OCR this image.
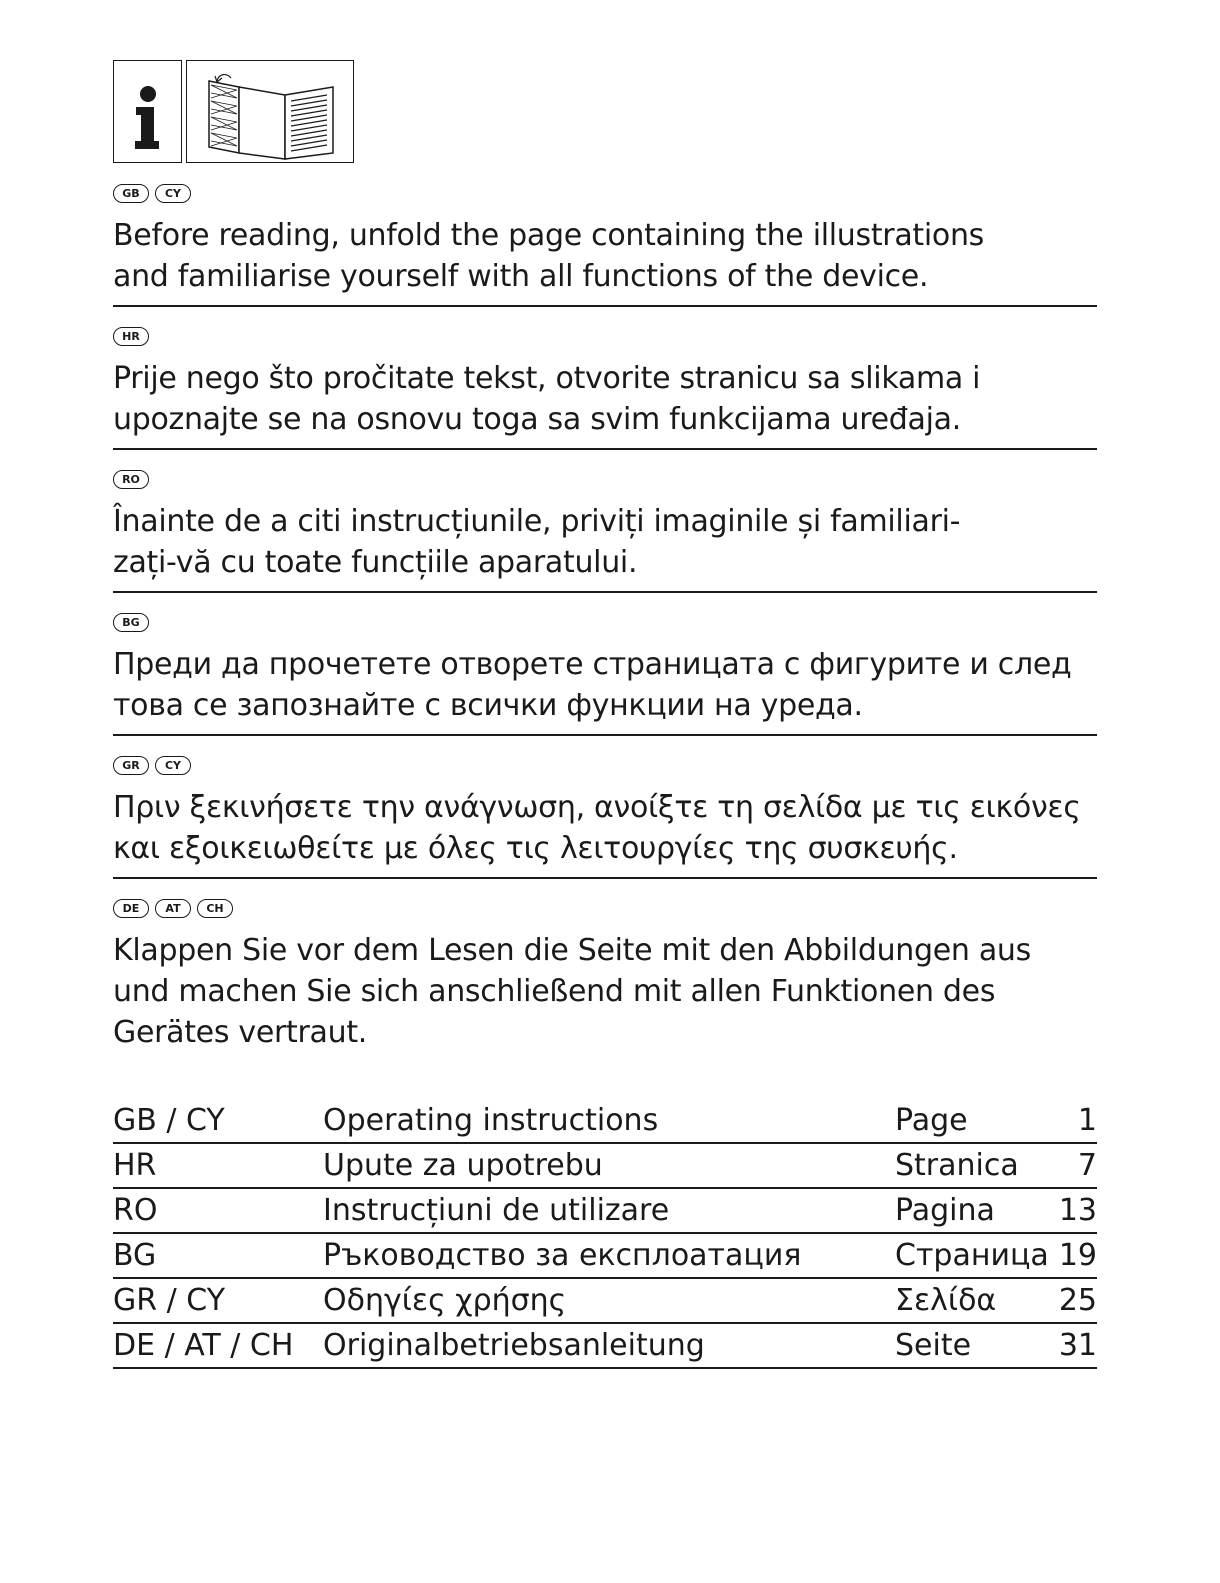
GB	CY

Before reading, unfold the page containing the illustrations
and familiarise yourself with all functions of the device.

HR

Prije nego što pročitate tekst, otvorite stranicu sa slikama i
upoznajte se na osnovu toga sa svim funkcijama uređaja.

RO

Înainte de a citi instrucțiunile, priviți imaginile și familiari-
zați-vă cu toate funcțiile aparatului.

BG

Преди да прочетете отворете страницата с фигурите и след
това се запознайте с всички функции на уреда.

GR	CY

Πριν ξεκινήσετε την ανάγνωση, ανοίξτε τη σελίδα με τις εικόνες
και εξοικειωθείτε με όλες τις λειτουργίες της συσκευής.

DE	AT	CH

Klappen Sie vor dem Lesen die Seite mit den Abbildungen aus
und machen Sie sich anschließend mit allen Funktionen des
Gerätes vertraut.

GB / CY	Operating instructions	Page	1
HR	Upute za upotrebu	Stranica	7
RO	Instrucțiuni de utilizare	Pagina	13
BG	Ръководство за експлоатация	Страница	19
GR / CY	Οδηγίες χρήσης	Σελίδα	25
DE / AT / CH	Originalbetriebsanleitung	Seite	31
